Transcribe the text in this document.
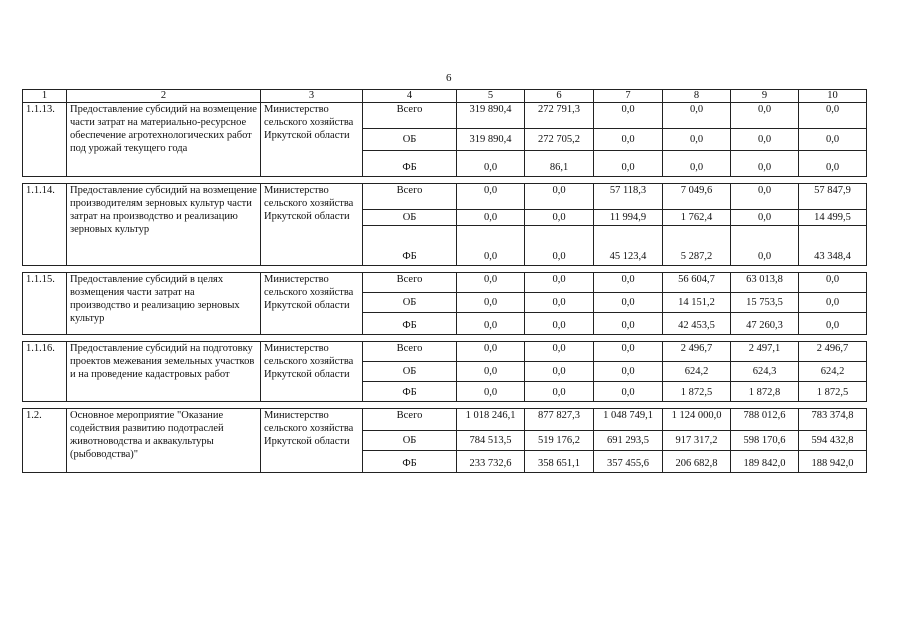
6
1	2	3	4	5	6	7	8	9	10
1.1.13.	Предоставление субсидий на возмещение части затрат на материально-ресурсное обеспечение агротехнологических работ под урожай текущего года	Министерство сельского хозяйства Иркутской области	Всего	319 890,4	272 791,3	0,0	0,0	0,0	0,0
			ОБ	319 890,4	272 705,2	0,0	0,0	0,0	0,0
			ФБ	0,0	86,1	0,0	0,0	0,0	0,0

1.1.14.	Предоставление субсидий на возмещение производителям зерновых культур части затрат на производство и реализацию зерновых культур	Министерство сельского хозяйства Иркутской области	Всего	0,0	0,0	57 118,3	7 049,6	0,0	57 847,9
			ОБ	0,0	0,0	11 994,9	1 762,4	0,0	14 499,5
			ФБ	0,0	0,0	45 123,4	5 287,2	0,0	43 348,4

1.1.15.	Предоставление субсидий в целях возмещения части затрат на производство и реализацию зерновых культур	Министерство сельского хозяйства Иркутской области	Всего	0,0	0,0	0,0	56 604,7	63 013,8	0,0
			ОБ	0,0	0,0	0,0	14 151,2	15 753,5	0,0
			ФБ	0,0	0,0	0,0	42 453,5	47 260,3	0,0

1.1.16.	Предоставление субсидий на подготовку проектов межевания земельных участков и на проведение кадастровых работ	Министерство сельского хозяйства Иркутской области	Всего	0,0	0,0	0,0	2 496,7	2 497,1	2 496,7
			ОБ	0,0	0,0	0,0	624,2	624,3	624,2
			ФБ	0,0	0,0	0,0	1 872,5	1 872,8	1 872,5

1.2.	Основное мероприятие "Оказание содействия развитию подотраслей животноводства и аквакультуры (рыбоводства)"	Министерство сельского хозяйства Иркутской области	Всего	1 018 246,1	877 827,3	1 048 749,1	1 124 000,0	788 012,6	783 374,8
			ОБ	784 513,5	519 176,2	691 293,5	917 317,2	598 170,6	594 432,8
			ФБ	233 732,6	358 651,1	357 455,6	206 682,8	189 842,0	188 942,0
